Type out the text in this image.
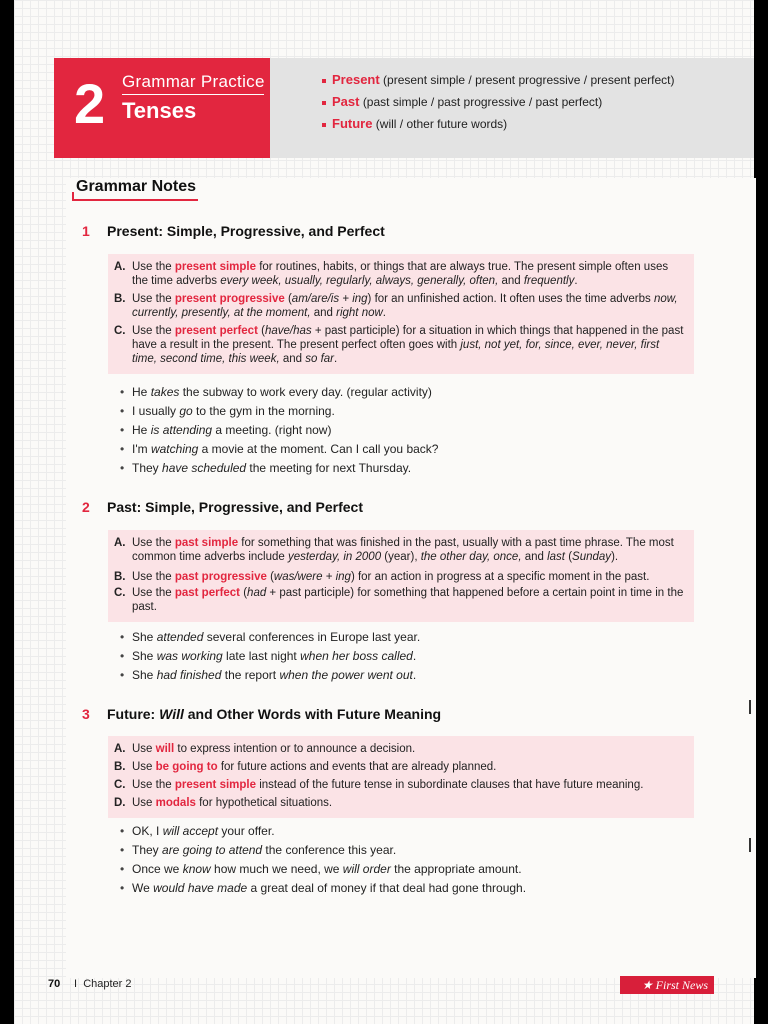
2 Grammar Practice
Tenses
Present (present simple / present progressive / present perfect)
Past (past simple / past progressive / past perfect)
Future (will / other future words)
Grammar Notes
1 Present: Simple, Progressive, and Perfect
A. Use the present simple for routines, habits, or things that are always true. The present simple often uses the time adverbs every week, usually, regularly, always, generally, often, and frequently.
B. Use the present progressive (am/are/is + ing) for an unfinished action. It often uses the time adverbs now, currently, presently, at the moment, and right now.
C. Use the present perfect (have/has + past participle) for a situation in which things that happened in the past have a result in the present. The present perfect often goes with just, not yet, for, since, ever, never, first time, second time, this week, and so far.
• He takes the subway to work every day. (regular activity)
• I usually go to the gym in the morning.
• He is attending a meeting. (right now)
• I'm watching a movie at the moment. Can I call you back?
• They have scheduled the meeting for next Thursday.
2 Past: Simple, Progressive, and Perfect
A. Use the past simple for something that was finished in the past, usually with a past time phrase. The most common time adverbs include yesterday, in 2000 (year), the other day, once, and last (Sunday).
B. Use the past progressive (was/were + ing) for an action in progress at a specific moment in the past.
C. Use the past perfect (had + past participle) for something that happened before a certain point in time in the past.
• She attended several conferences in Europe last year.
• She was working late last night when her boss called.
• She had finished the report when the power went out.
3 Future: Will and Other Words with Future Meaning
A. Use will to express intention or to announce a decision.
B. Use be going to for future actions and events that are already planned.
C. Use the present simple instead of the future tense in subordinate clauses that have future meaning.
D. Use modals for hypothetical situations.
• OK, I will accept your offer.
• They are going to attend the conference this year.
• Once we know how much we need, we will order the appropriate amount.
• We would have made a great deal of money if that deal had gone through.
70 I Chapter 2	★ First News
